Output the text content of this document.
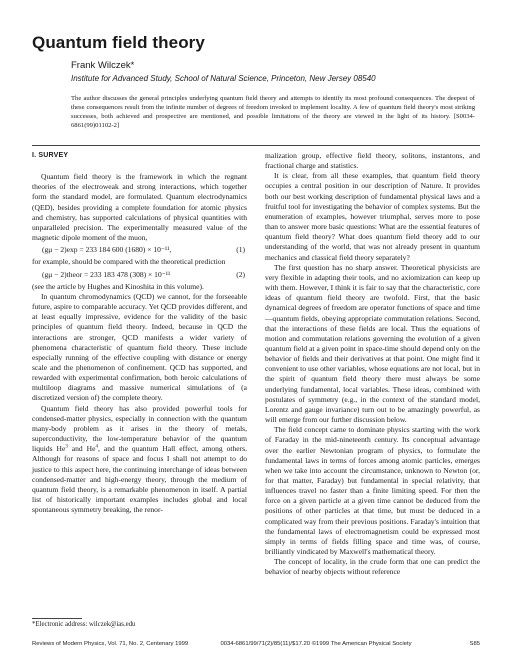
Quantum field theory
Frank Wilczek*
Institute for Advanced Study, School of Natural Science, Princeton, New Jersey 08540

The author discusses the general principles underlying quantum field theory and attempts to identify its most profound consequences. The deepest of these consequences result from the infinite number of degrees of freedom invoked to implement locality. A few of quantum field theory's most striking successes, both achieved and prospective are mentioned, and possible limitations of the theory are viewed in the light of its history. [S0034-6861(99)01102-2]

I. SURVEY

Quantum field theory is the framework in which the regnant theories of the electroweak and strong interactions, which together form the standard model, are formulated. Quantum electrodynamics (QED), besides providing a complete foundation for atomic physics and chemistry, has supported calculations of physical quantities with unparalleled precision. The experimentally measured value of the magnetic dipole moment of the muon,

(gμ − 2)exp = 233 184 600 (1680) × 10⁻¹¹,	(1)

for example, should be compared with the theoretical prediction

(gμ − 2)theor = 233 183 478 (308) × 10⁻¹¹	(2)

(see the article by Hughes and Kinoshita in this volume).

In quantum chromodynamics (QCD) we cannot, for the forseeable future, aspire to comparable accuracy. Yet QCD provides different, and at least equally impressive, evidence for the validity of the basic principles of quantum field theory. Indeed, because in QCD the interactions are stronger, QCD manifests a wider variety of phenomena characteristic of quantum field theory. These include especially running of the effective coupling with distance or energy scale and the phenomenon of confinement. QCD has supported, and rewarded with experimental confirmation, both heroic calculations of multiloop diagrams and massive numerical simulations of (a discretized version of) the complete theory.

Quantum field theory has also provided powerful tools for condensed-matter physics, especially in connection with the quantum many-body problem as it arises in the theory of metals, superconductivity, the low-temperature behavior of the quantum liquids He$^3$ and He$^4$, and the quantum Hall effect, among others. Although for reasons of space and focus I shall not attempt to do justice to this aspect here, the continuing interchange of ideas between condensed-matter and high-energy theory, through the medium of quantum field theory, is a remarkable phenomenon in itself. A partial list of historically important examples includes global and local spontaneous symmetry breaking, the renor-

malization group, effective field theory, solitons, instantons, and fractional charge and statistics.

It is clear, from all these examples, that quantum field theory occupies a central position in our description of Nature. It provides both our best working description of fundamental physical laws and a fruitful tool for investigating the behavior of complex systems. But the enumeration of examples, however triumphal, serves more to pose than to answer more basic questions: What are the essential features of quantum field theory? What does quantum field theory add to our understanding of the world, that was not already present in quantum mechanics and classical field theory separately?

The first question has no sharp answer. Theoretical physicists are very flexible in adapting their tools, and no axiomization can keep up with them. However, I think it is fair to say that the characteristic, core ideas of quantum field theory are twofold. First, that the basic dynamical degrees of freedom are operator functions of space and time—quantum fields, obeying appropriate commutation relations. Second, that the interactions of these fields are local. Thus the equations of motion and commutation relations governing the evolution of a given quantum field at a given point in space-time should depend only on the behavior of fields and their derivatives at that point. One might find it convenient to use other variables, whose equations are not local, but in the spirit of quantum field theory there must always be some underlying fundamental, local variables. These ideas, combined with postulates of symmetry (e.g., in the context of the standard model, Lorentz and gauge invariance) turn out to be amazingly powerful, as will emerge from our further discussion below.

The field concept came to dominate physics starting with the work of Faraday in the mid-nineteenth century. Its conceptual advantage over the earlier Newtonian program of physics, to formulate the fundamental laws in terms of forces among atomic particles, emerges when we take into account the circumstance, unknown to Newton (or, for that matter, Faraday) but fundamental in special relativity, that influences travel no faster than a finite limiting speed. For then the force on a given particle at a given time cannot be deduced from the positions of other particles at that time, but must be deduced in a complicated way from their previous positions. Faraday's intuition that the fundamental laws of electromagnetism could be expressed most simply in terms of fields filling space and time was, of course, brilliantly vindicated by Maxwell's mathematical theory.

The concept of locality, in the crude form that one can predict the behavior of nearby objects without reference

*Electronic address: wilczek@ias.edu
Reviews of Modern Physics, Vol. 71, No. 2, Centenary 1999	0034-6861/99/71(2)/85(11)/$17.20 ©1999 The American Physical Society	S85
